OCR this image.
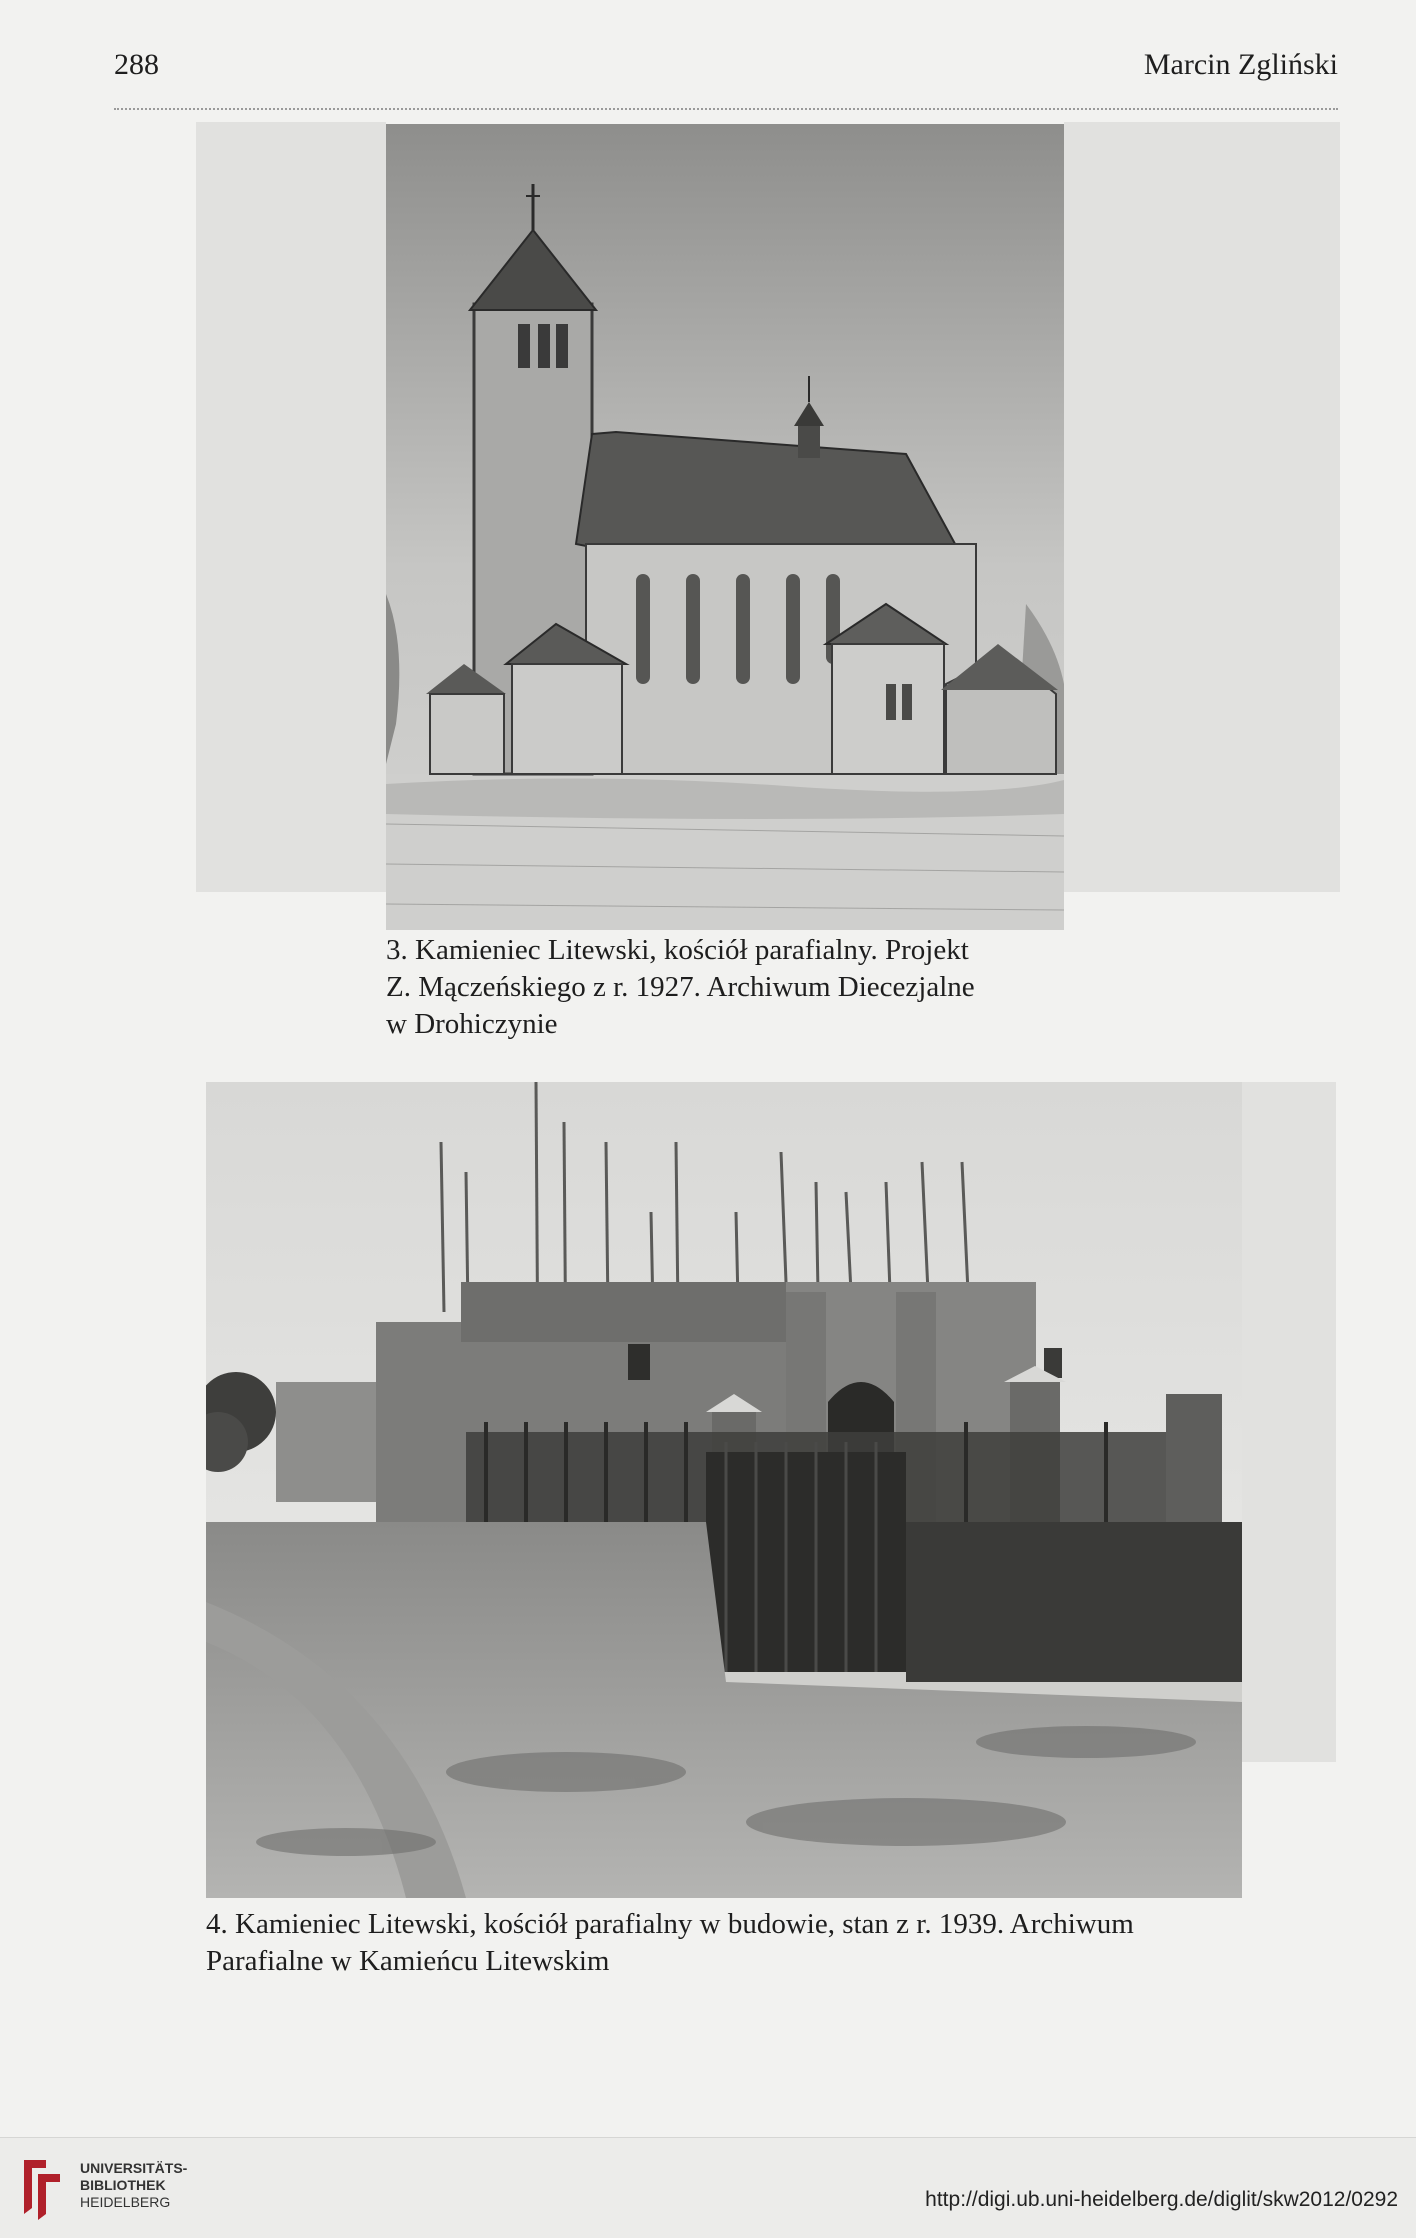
288	Marcin Zgliński

3. Kamieniec Litewski, kościół parafialny. Projekt
Z. Mączeńskiego z r. 1927. Archiwum Diecezjalne
w Drohiczynie

4. Kamieniec Litewski, kościół parafialny w budowie, stan z r. 1939. Archiwum
Parafialne w Kamieńcu Litewskim

UNIVERSITÄTS-
BIBLIOTHEK
HEIDELBERG	http://digi.ub.uni-heidelberg.de/diglit/skw2012/0292
